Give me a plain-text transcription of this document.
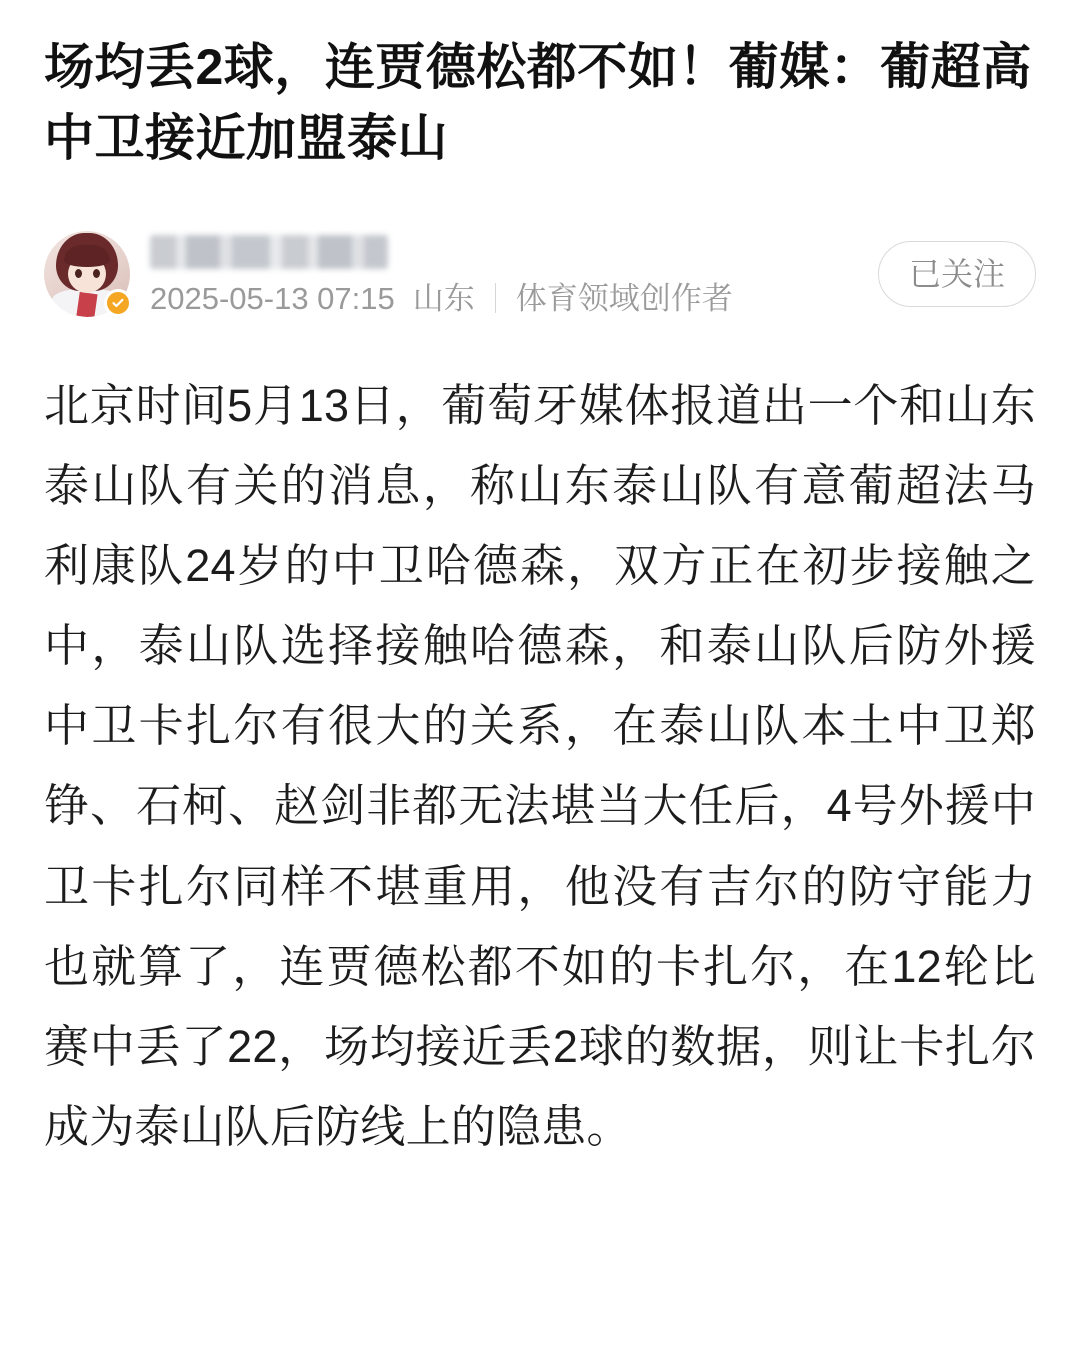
场均丢2球，连贾德松都不如！葡媒：葡超高中卫接近加盟泰山
2025-05-13 07:15 山东 体育领域创作者
已关注

北京时间5月13日，葡萄牙媒体报道出一个和山东泰山队有关的消息，称山东泰山队有意葡超法马利康队24岁的中卫哈德森，双方正在初步接触之中，泰山队选择接触哈德森，和泰山队后防外援中卫卡扎尔有很大的关系，在泰山队本土中卫郑铮、石柯、赵剑非都无法堪当大任后，4号外援中卫卡扎尔同样不堪重用，他没有吉尔的防守能力也就算了，连贾德松都不如的卡扎尔，在12轮比赛中丢了22，场均接近丢2球的数据，则让卡扎尔成为泰山队后防线上的隐患。
